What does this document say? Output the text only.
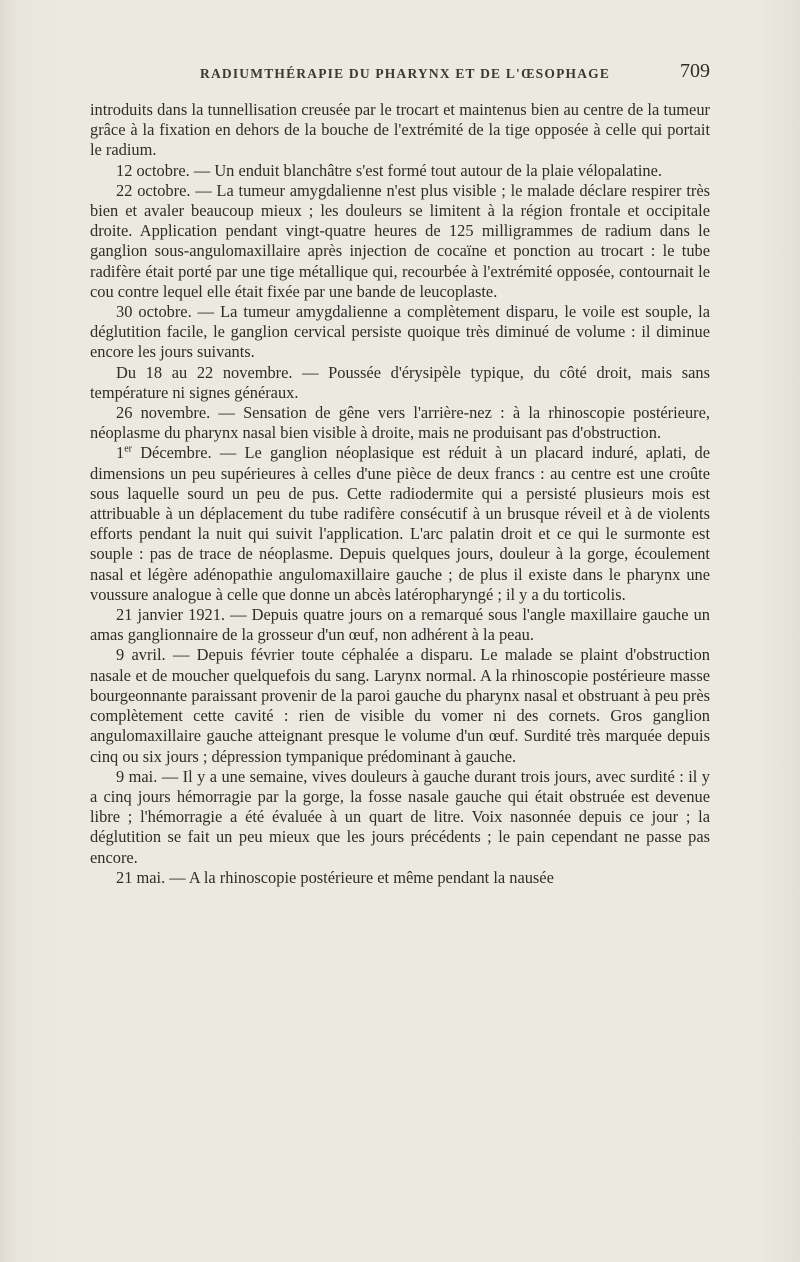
RADIUMTHÉRAPIE DU PHARYNX ET DE L'ŒSOPHAGE	709

introduits dans la tunnellisation creusée par le trocart et maintenus bien au centre de la tumeur grâce à la fixation en dehors de la bouche de l'extrémité de la tige opposée à celle qui portait le radium.

12 octobre. — Un enduit blanchâtre s'est formé tout autour de la plaie vélopalatine.

22 octobre. — La tumeur amygdalienne n'est plus visible ; le malade déclare respirer très bien et avaler beaucoup mieux ; les douleurs se limitent à la région frontale et occipitale droite. Application pendant vingt-quatre heures de 125 milligrammes de radium dans le ganglion sous-angulomaxillaire après injection de cocaïne et ponction au trocart : le tube radifère était porté par une tige métallique qui, recourbée à l'extrémité opposée, contournait le cou contre lequel elle était fixée par une bande de leucoplaste.

30 octobre. — La tumeur amygdalienne a complètement disparu, le voile est souple, la déglutition facile, le ganglion cervical persiste quoique très diminué de volume : il diminue encore les jours suivants.

Du 18 au 22 novembre. — Poussée d'érysipèle typique, du côté droit, mais sans température ni signes généraux.

26 novembre. — Sensation de gêne vers l'arrière-nez : à la rhinoscopie postérieure, néoplasme du pharynx nasal bien visible à droite, mais ne produisant pas d'obstruction.

1er Décembre. — Le ganglion néoplasique est réduit à un placard induré, aplati, de dimensions un peu supérieures à celles d'une pièce de deux francs : au centre est une croûte sous laquelle sourd un peu de pus. Cette radiodermite qui a persisté plusieurs mois est attribuable à un déplacement du tube radifère consécutif à un brusque réveil et à de violents efforts pendant la nuit qui suivit l'application. L'arc palatin droit et ce qui le surmonte est souple : pas de trace de néoplasme. Depuis quelques jours, douleur à la gorge, écoulement nasal et légère adénopathie angulomaxillaire gauche ; de plus il existe dans le pharynx une voussure analogue à celle que donne un abcès latéropharyngé ; il y a du torticolis.

21 janvier 1921. — Depuis quatre jours on a remarqué sous l'angle maxillaire gauche un amas ganglionnaire de la grosseur d'un œuf, non adhérent à la peau.

9 avril. — Depuis février toute céphalée a disparu. Le malade se plaint d'obstruction nasale et de moucher quelquefois du sang. Larynx normal. A la rhinoscopie postérieure masse bourgeonnante paraissant provenir de la paroi gauche du pharynx nasal et obstruant à peu près complètement cette cavité : rien de visible du vomer ni des cornets. Gros ganglion angulomaxillaire gauche atteignant presque le volume d'un œuf. Surdité très marquée depuis cinq ou six jours ; dépression tympanique prédominant à gauche.

9 mai. — Il y a une semaine, vives douleurs à gauche durant trois jours, avec surdité : il y a cinq jours hémorragie par la gorge, la fosse nasale gauche qui était obstruée est devenue libre ; l'hémorragie a été évaluée à un quart de litre. Voix nasonnée depuis ce jour ; la déglutition se fait un peu mieux que les jours précédents ; le pain cependant ne passe pas encore.

21 mai. — A la rhinoscopie postérieure et même pendant la nausée
